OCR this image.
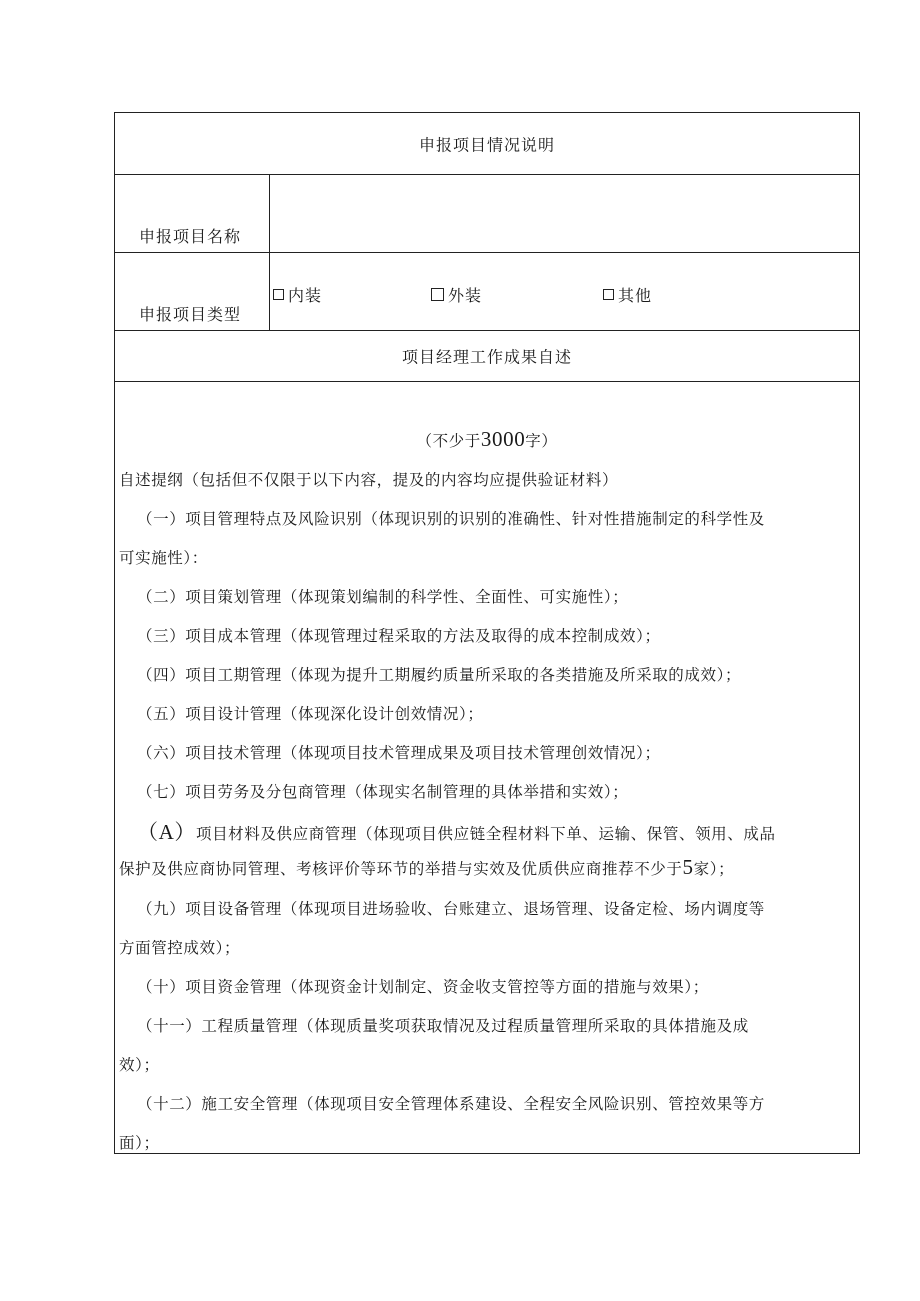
申报项目情况说明
申报项目名称
申报项目类型
内装	外装	其他
项目经理工作成果自述
（不少于3000字）
自述提纲（包括但不仅限于以下内容，提及的内容均应提供验证材料）
（一）项目管理特点及风险识别（体现识别的识别的准确性、针对性措施制定的科学性及
可实施性）：
（二）项目策划管理（体现策划编制的科学性、全面性、可实施性）；
（三）项目成本管理（体现管理过程采取的方法及取得的成本控制成效）；
（四）项目工期管理（体现为提升工期履约质量所采取的各类措施及所采取的成效）；
（五）项目设计管理（体现深化设计创效情况）；
（六）项目技术管理（体现项目技术管理成果及项目技术管理创效情况）；
（七）项目劳务及分包商管理（体现实名制管理的具体举措和实效）；
（A）项目材料及供应商管理（体现项目供应链全程材料下单、运输、保管、领用、成品
保护及供应商协同管理、考核评价等环节的举措与实效及优质供应商推荐不少于5家）；
（九）项目设备管理（体现项目进场验收、台账建立、退场管理、设备定检、场内调度等
方面管控成效）；
（十）项目资金管理（体现资金计划制定、资金收支管控等方面的措施与效果）；
（十一）工程质量管理（体现质量奖项获取情况及过程质量管理所采取的具体措施及成
效）；
（十二）施工安全管理（体现项目安全管理体系建设、全程安全风险识别、管控效果等方
面）；
